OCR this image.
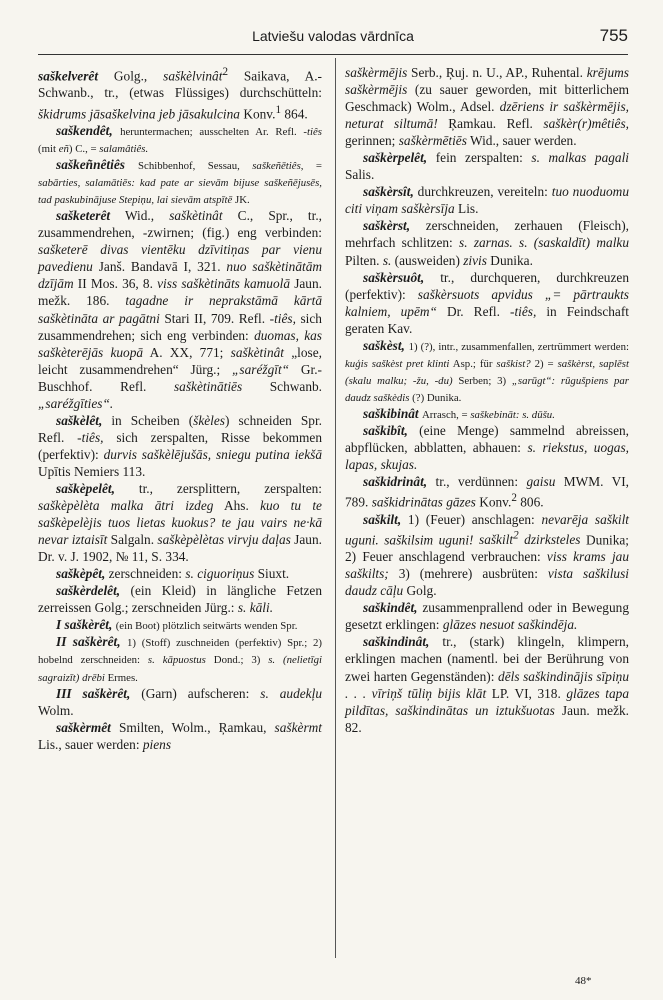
Latviešu valodas vārdnīca	755

saškelverêt Golg., saškèlvinât$^2$ Saikava, A.-Schwanb., tr., (etwas Flüssiges) durchschütteln: škidrums jāsaškelvina jeb jāsakulcina Konv.$^1$ 864.

saškendêt, heruntermachen; ausschelten Ar. Refl. -tiês (mit eñ) C., = salamâtiês.

saškeñnêtiês Schibbenhof, Sessau, saškeñētiês, = sabārties, salamātiēs: kad pate ar sievām bijuse saškeñējusēs, tad paskubinājuse Stepiņu, lai sievām atspītē JK.

sašketerêt Wid., saškètinât C., Spr., tr., zusammendrehen, -zwirnen; (fig.) eng verbinden: sašketerē divas vientēku dzīvitiņas par vienu pavedienu Janš. Bandavā I, 321. nuo saškètinātām dzījām II Mos. 36, 8. viss saškètināts kamuolā Jaun. mežk. 186. tagadne ir neprakstāmā kārtā saškètināta ar pagātni Stari II, 709. Refl. -tiês, sich zusammendrehen; sich eng verbinden: duomas, kas saškèterējās kuopā A. XX, 771; saškètinât „lose, leicht zusammendrehen“ Jürg.; „saréžgīt“ Gr.-Buschhof. Refl. saškètinātiēs Schwanb. „saréžgīties“.

saškèlêt, in Scheiben (škèles) schneiden Spr. Refl. -tiês, sich zerspalten, Risse bekommen (perfektiv): durvis saškèlējušās, sniegu putina iekšā Upītis Nemiers 113.

saškèpelêt, tr., zersplittern, zerspalten: saškèpèlèta malka ātri izdeg Ahs. kuo tu te saškèpelèjis tuos lietas kuokus? te jau vairs ne·kā nevar iztaisīt Salgaln. saškèpèlètas virvju daļas Jaun. Dr. v. J. 1902, № 11, S. 334.

saškèpêt, zerschneiden: s. ciguoriņus Siuxt.

saškèrdelêt, (ein Kleid) in längliche Fetzen zerreissen Golg.; zerschneiden Jürg.: s. kāli.

I saškèrêt, (ein Boot) plötzlich seitwärts wenden Spr.

II saškèrêt, 1) (Stoff) zuschneiden (perfektiv) Spr.; 2) hobelnd zerschneiden: s. kāpuostus Dond.; 3) s. (nelietīgi sagraizīt) drēbi Ermes.

III saškèrêt, (Garn) aufscheren: s. audekļu Wolm.

saškèrmêt Smilten, Wolm., Ŗamkau, saškèrmt Lis., sauer werden: piens

saškèrmējis Serb., Ŗuj. n. U., AP., Ruhental. krējums saškèrmējis (zu sauer geworden, mit bitterlichem Geschmack) Wolm., Adsel. dzēriens ir saškèrmējis, neturat siltumā! Ŗamkau. Refl. saškèr(r)mêtiês, gerinnen; saškèrmētiēs Wid., sauer werden.

saškèrpelêt, fein zerspalten: s. malkas pagali Salis.

saškèrsît, durchkreuzen, vereiteln: tuo nuoduomu citi viņam saškèrsīja Lis.

saškèrst, zerschneiden, zerhauen (Fleisch), mehrfach schlitzen: s. zarnas. s. (saskaldīt) malku Pilten. s. (ausweiden) zivis Dunika.

saškèrsuôt, tr., durchqueren, durchkreuzen (perfektiv): saškèrsuots apvidus „= pārtraukts kalniem, upēm“ Dr. Refl. -tiês, in Feindschaft geraten Kav.

saškèst, 1) (?), intr., zusammenfallen, zertrümmert werden: kuģis saškèst pret klinti Asp.; für saškist? 2) = saškèrst, saplēst (skalu malku; -žu, -du) Serben; 3) „sarūgt“: rūgušpiens par daudz saškèdis (?) Dunika.

saškibinât Arrasch, = saškebināt: s. dūšu.

saškibît, (eine Menge) sammelnd abreissen, abpflücken, abblatten, abhauen: s. riekstus, uogas, lapas, skujas.

saškidrinât, tr., verdünnen: gaisu MWM. VI, 789. saškidrinātas gāzes Konv.$^2$ 806.

saškilt, 1) (Feuer) anschlagen: nevarēja saškilt uguni. saškilsim uguni! saškilt$^2$ dzirksteles Dunika; 2) Feuer anschlagend verbrauchen: viss krams jau saškilts; 3) (mehrere) ausbrüten: vista saškilusi daudz cāļu Golg.

saškindêt, zusammenprallend oder in Bewegung gesetzt erklingen: glāzes nesuot saškindēja.

saškindinât, tr., (stark) klingeln, klimpern, erklingen machen (namentl. bei der Berührung von zwei harten Gegenständen): dēls saškindinājis sīpiņu . . . vīriņš tūliņ bijis klāt LP. VI, 318. glāzes tapa pildītas, saškindinātas un iztukšuotas Jaun. mežk. 82.

48*
